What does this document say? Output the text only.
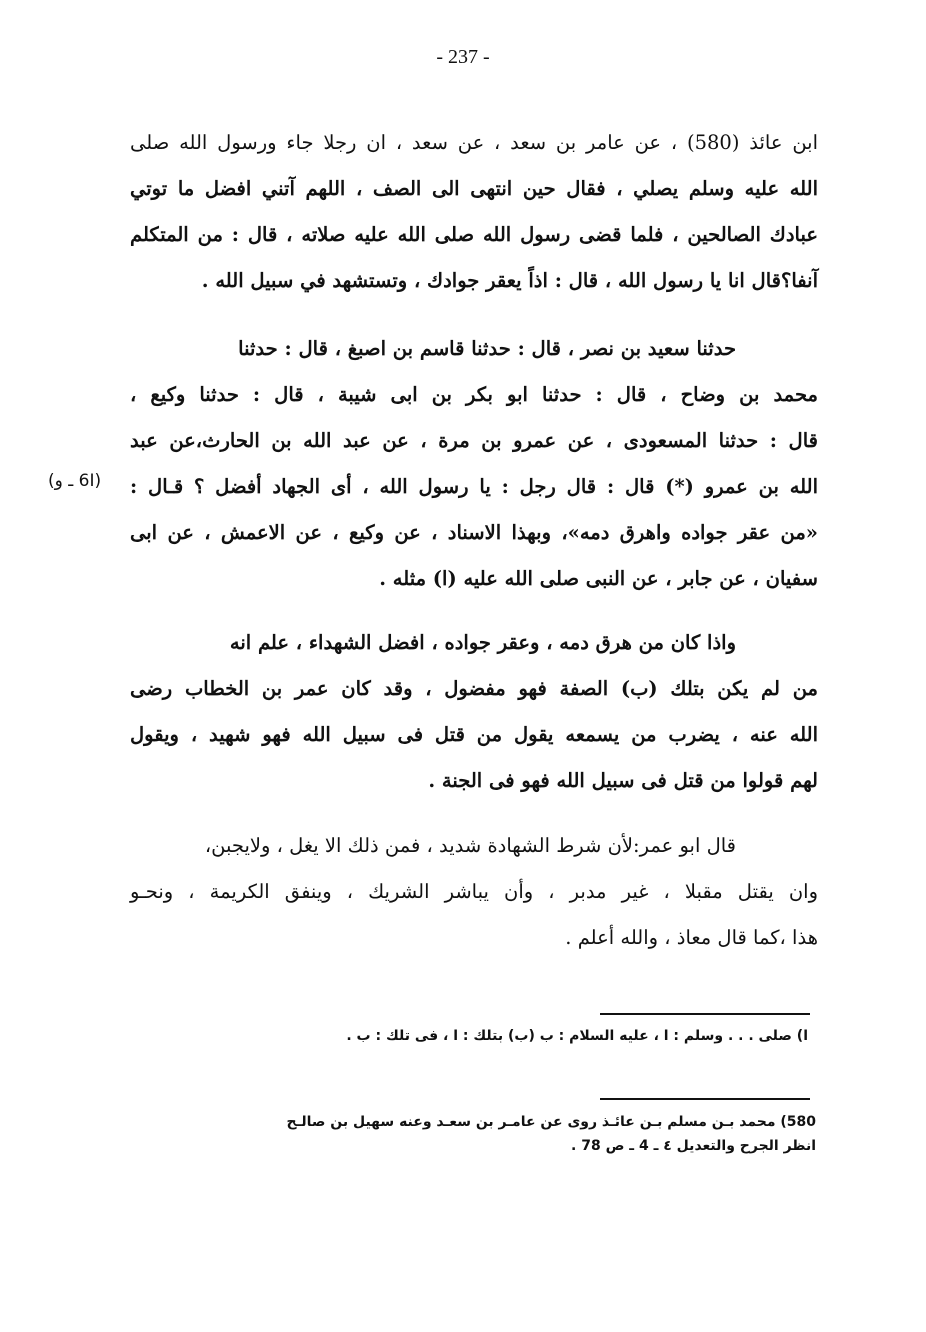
- 237 -
ابن عائذ (580) ، عن عامر بن سعد ، عن سعد ، ان رجلا جاء ورسول الله صلى
الله عليه وسلم يصلي ، فقال حين انتهى الى الصف ، اللهم آتني افضل ما توتي
عبادك الصالحين ، فلما قضى رسول الله صلى الله عليه صلاته ، قال : من المتكلم
آنفا؟قال انا يا رسول الله ، قال : اذاً يعقر جوادك ، وتستشهد في سبيل الله .
حدثنا سعيد بن نصر ، قال : حدثنا قاسم بن اصبغ ، قال : حدثنا
محمد بن وضاح ، قال : حدثنا ابو بكر بن ابى شيبة ، قال : حدثنا وكيع ،
قال : حدثنا المسعودى ، عن عمرو بن مرة ، عن عبد الله بن الحارث،عن عبد
الله بن عمرو (*) قال : قال رجل : يا رسول الله ، أى الجهاد أفضل ؟ قـال :
«من عقر جواده واهرق دمه»، وبهذا الاسناد ، عن وكيع ، عن الاعمش ، عن ابى
سفيان ، عن جابر ، عن النبى صلى الله عليه (ا) مثله .
(6I ـ و)
واذا كان من هرق دمه ، وعقر جواده ، افضل الشهداء ، علم انه
من لم يكن بتلك (ب) الصفة فهو مفضول ، وقد كان عمر بن الخطاب رضى
الله عنه ، يضرب من يسمعه يقول من قتل فى سبيل الله فهو شهيد ، ويقول
لهم قولوا من قتل فى سبيل الله فهو فى الجنة .
قال ابو عمر:لأن شرط الشهادة شديد ، فمن ذلك الا يغل ، ولايجبن،
وان يقتل مقبلا ، غير مدبر ، وأن يباشر الشريك ، وينفق الكريمة ، ونحـو
هذا ،كما قال معاذ ، والله أعلم .
ا) صلى . . . وسلم : ا ، عليه السلام : ب (ب) بتلك : ا ، فى تلك : ب .
580) محمد بـن مسلم بـن عائـذ روى عن عامـر بن سعـد وعنه سهيل بن صالـح
انظر الجرح والتعديل ٤ ـ 4 ـ ص 78 .
